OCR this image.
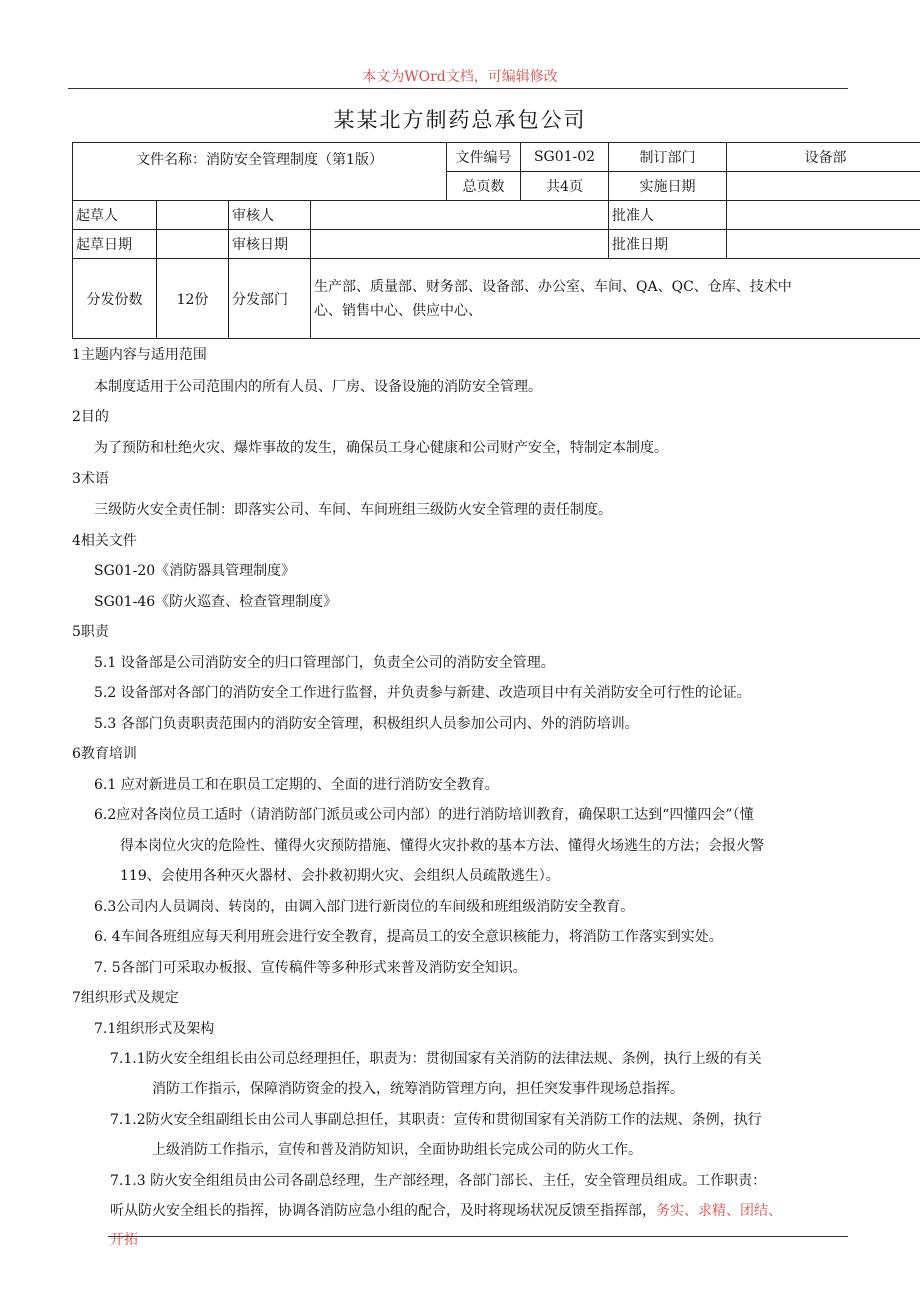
本文为WOrd文档，可编辑修改
某某北方制药总承包公司
文件名称：消防安全管理制度（第1版）				文件编号	SG01-02	制订部门	设备部
				总页数	共4页	实施日期	
起草人		审核人				批准人	
起草日期		审核日期				批准日期	
分发份数	12份	分发部门	生产部、质量部、财务部、设备部、办公室、车间、QA、QC、仓库、技术中
心、销售中心、供应中心、				
1主题内容与适用范围
本制度适用于公司范围内的所有人员、厂房、设备设施的消防安全管理。
2目的
为了预防和杜绝火灾、爆炸事故的发生，确保员工身心健康和公司财产安全，特制定本制度。
3术语
三级防火安全责任制：即落实公司、车间、车间班组三级防火安全管理的责任制度。
4相关文件
SG01-20《消防器具管理制度》
SG01-46《防火巡查、检查管理制度》
5职责
5.1 设备部是公司消防安全的归口管理部门，负责全公司的消防安全管理。
5.2 设备部对各部门的消防安全工作进行监督，并负责参与新建、改造项目中有关消防安全可行性的论证。
5.3 各部门负责职责范围内的消防安全管理，积极组织人员参加公司内、外的消防培训。
6教育培训
6.1 应对新进员工和在职员工定期的、全面的进行消防安全教育。
6.2应对各岗位员工适时（请消防部门派员或公司内部）的进行消防培训教育，确保职工达到“四懂四会”（懂
得本岗位火灾的危险性、懂得火灾预防措施、懂得火灾扑救的基本方法、懂得火场逃生的方法；会报火警
119、会使用各种灭火器材、会扑救初期火灾、会组织人员疏散逃生）。
6.3公司内人员调岗、转岗的，由调入部门进行新岗位的车间级和班组级消防安全教育。
6. 4车间各班组应每天利用班会进行安全教育，提高员工的安全意识核能力，将消防工作落实到实处。
7. 5各部门可采取办板报、宣传稿件等多种形式来普及消防安全知识。
7组织形式及规定
7.1组织形式及架构
7.1.1防火安全组组长由公司总经理担任，职责为：贯彻国家有关消防的法律法规、条例，执行上级的有关
消防工作指示，保障消防资金的投入，统筹消防管理方向，担任突发事件现场总指挥。
7.1.2防火安全组副组长由公司人事副总担任，其职责：宣传和贯彻国家有关消防工作的法规、条例，执行
上级消防工作指示，宣传和普及消防知识，全面协助组长完成公司的防火工作。
7.1.3 防火安全组组员由公司各副总经理，生产部经理，各部门部长、主任，安全管理员组成。工作职责：
听从防火安全组长的指挥，协调各消防应急小组的配合，及时将现场状况反馈至指挥部，务实、求精、团结、
开拓
